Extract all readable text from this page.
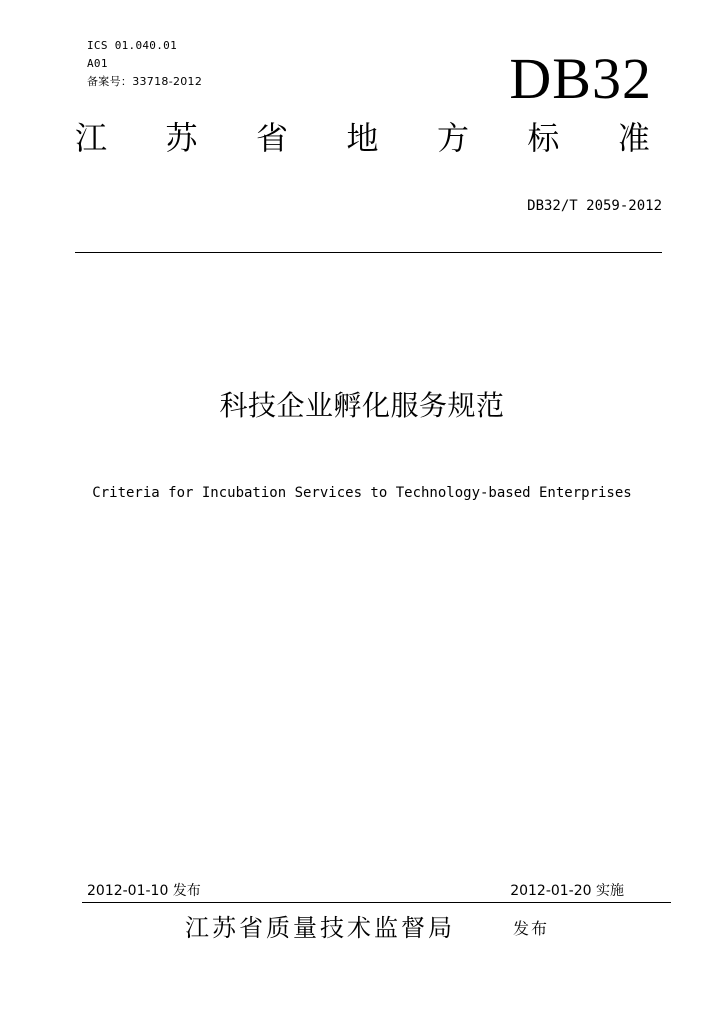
ICS 01.040.01
A01
备案号：33718-2012	DB32
江 苏 省 地 方 标 准
DB32/T 2059-2012
科技企业孵化服务规范
Criteria for Incubation Services to Technology-based Enterprises
2012-01-10 发布	2012-01-20 实施
江苏省质量技术监督局	发布
